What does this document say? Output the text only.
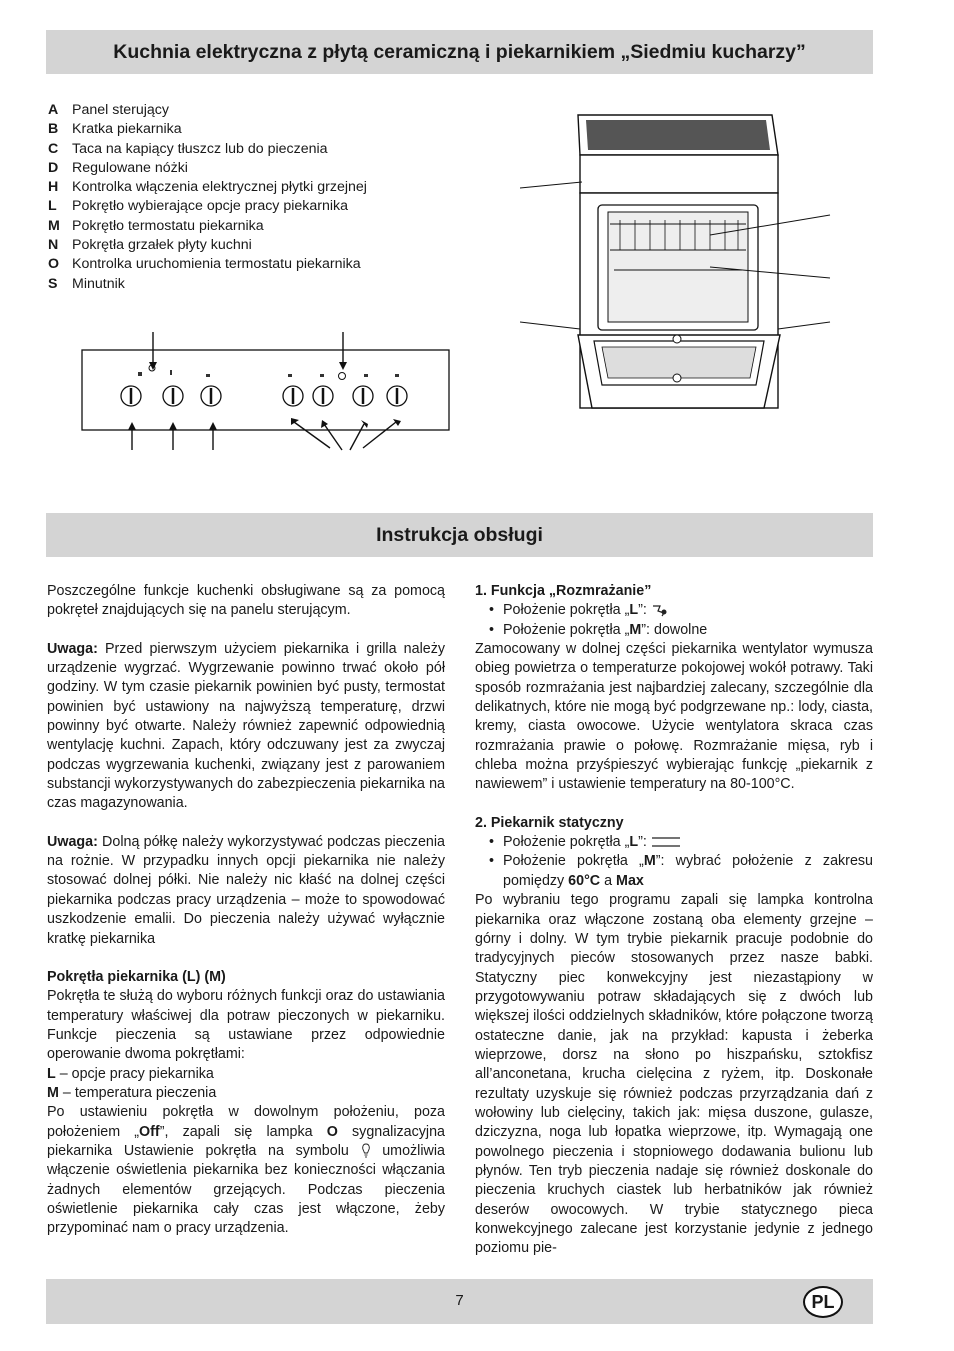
Kuchnia elektryczna z płytą ceramiczną i piekarnikiem „Siedmiu kucharzy”
A Panel sterujący
B Kratka piekarnika
C Taca na kapiący tłuszcz lub do pieczenia
D Regulowane nóżki
H Kontrolka włączenia elektrycznej płytki grzejnej
L Pokrętło wybierające opcje pracy piekarnika
M Pokrętło termostatu piekarnika
N Pokrętła grzałek płyty kuchni
O Kontrolka uruchomienia termostatu piekarnika
S Minutnik
Instrukcja obsługi

Poszczególne funkcje kuchenki obsługiwane są za pomocą pokręteł znajdujących się na panelu sterującym.

Uwaga: Przed pierwszym użyciem piekarnika i grilla należy urządzenie wygrzać. Wygrzewanie powinno trwać około pół godziny. W tym czasie piekarnik powinien być pusty, termostat powinien być ustawiony na najwyższą temperaturę, drzwi powinny być otwarte. Należy również zapewnić odpowiednią wentylację kuchni. Zapach, który odczuwany jest za zwyczaj podczas wygrzewania kuchenki, związany jest z parowaniem substancji wykorzystywanych do zabezpieczenia piekarnika na czas magazynowania.

Uwaga: Dolną półkę należy wykorzystywać podczas pieczenia na rożnie. W przypadku innych opcji piekarnika nie należy stosować dolnej półki. Nie należy nic kłaść na dolnej części piekarnika podczas pracy urządzenia – może to spowodować uszkodzenie emalii. Do pieczenia należy używać wyłącznie kratkę piekarnika

Pokrętła piekarnika (L) (M)

Pokrętła te służą do wyboru różnych funkcji oraz do ustawiania temperatury właściwej dla potraw pieczonych w piekarniku. Funkcje pieczenia są ustawiane przez odpowiednie operowanie dwoma pokrętłami:

L – opcje pracy piekarnika

M – temperatura pieczenia

Po ustawieniu pokrętła w dowolnym położeniu, poza położeniem „Off”, zapali się lampka O sygnalizacyjna piekarnika Ustawienie pokrętła na symbolu  umożliwia włączenie oświetlenia piekarnika bez konieczności włączania żadnych elementów grzejących. Podczas pieczenia oświetlenie piekarnika cały czas jest włączone, żeby przypominać nam o pracy urządzenia.

1. Funkcja „Rozmrażanie”

• Położenie pokrętła „L”:

• Położenie pokrętła „M”: dowolne

Zamocowany w dolnej części piekarnika wentylator wymusza obieg powietrza o temperaturze pokojowej wokół potrawy. Taki sposób rozmrażania jest najbardziej zalecany, szczególnie dla delikatnych, które nie mogą być podgrzewane np.: lody, ciasta, kremy, ciasta owocowe. Użycie wentylatora skraca czas rozmrażania prawie o połowę. Rozmrażanie mięsa, ryb i chleba można przyśpieszyć wybierając funkcję „piekarnik z nawiewem” i ustawienie temperatury na 80-100°C.

2. Piekarnik statyczny

• Położenie pokrętła „L”:

• Położenie pokrętła „M”: wybrać położenie z zakresu pomiędzy 60°C a Max

Po wybraniu tego programu zapali się lampka kontrolna piekarnika oraz włączone zostaną oba elementy grzejne – górny i dolny. W tym trybie piekarnik pracuje podobnie do tradycyjnych pieców stosowanych przez nasze babki. Statyczny piec konwekcyjny jest niezastąpiony w przygotowywaniu potraw składających się z dwóch lub większej ilości oddzielnych składników, które połączone tworzą ostateczne danie, jak na przykład: kapusta i żeberka wieprzowe, dorsz na słono po hiszpańsku, sztokfisz all’anconetana, krucha cielęcina z ryżem, itp. Doskonałe rezultaty uzyskuje się również podczas przyrządzania dań z wołowiny lub cielęciny, takich jak: mięsa duszone, gulasze, dziczyzna, noga lub łopatka wieprzowe, itp. Wymagają one powolnego pieczenia i stopniowego dodawania bulionu lub płynów. Ten tryb pieczenia nadaje się również doskonale do pieczenia kruchych ciastek lub herbatników jak również deserów owocowych. W trybie statycznego pieca konwekcyjnego zalecane jest korzystanie jedynie z jednego poziomu pie-

7	PL
